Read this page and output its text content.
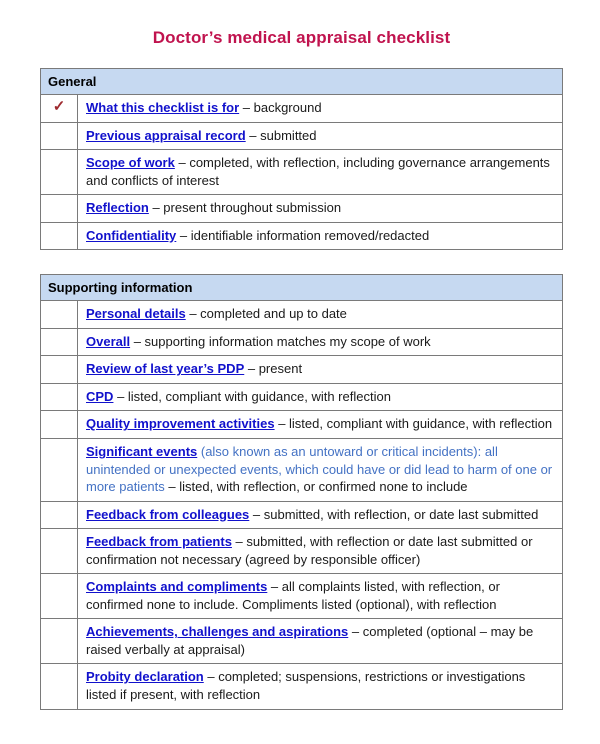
Doctor’s medical appraisal checklist
General	
✓	What this checklist is for – background
	Previous appraisal record – submitted
	Scope of work – completed, with reflection, including governance arrangements and conflicts of interest
	Reflection – present throughout submission
	Confidentiality – identifiable information removed/redacted
Supporting information	
	Personal details – completed and up to date
	Overall – supporting information matches my scope of work
	Review of last year’s PDP – present
	CPD – listed, compliant with guidance, with reflection
	Quality improvement activities – listed, compliant with guidance, with reflection
	Significant events (also known as an untoward or critical incidents): all unintended or unexpected events, which could have or did lead to harm of one or more patients – listed, with reflection, or confirmed none to include
	Feedback from colleagues – submitted, with reflection, or date last submitted
	Feedback from patients – submitted, with reflection or date last submitted or confirmation not necessary (agreed by responsible officer)
	Complaints and compliments – all complaints listed, with reflection, or confirmed none to include. Compliments listed (optional), with reflection
	Achievements, challenges and aspirations – completed (optional – may be raised verbally at appraisal)
	Probity declaration – completed; suspensions, restrictions or investigations listed if present, with reflection
